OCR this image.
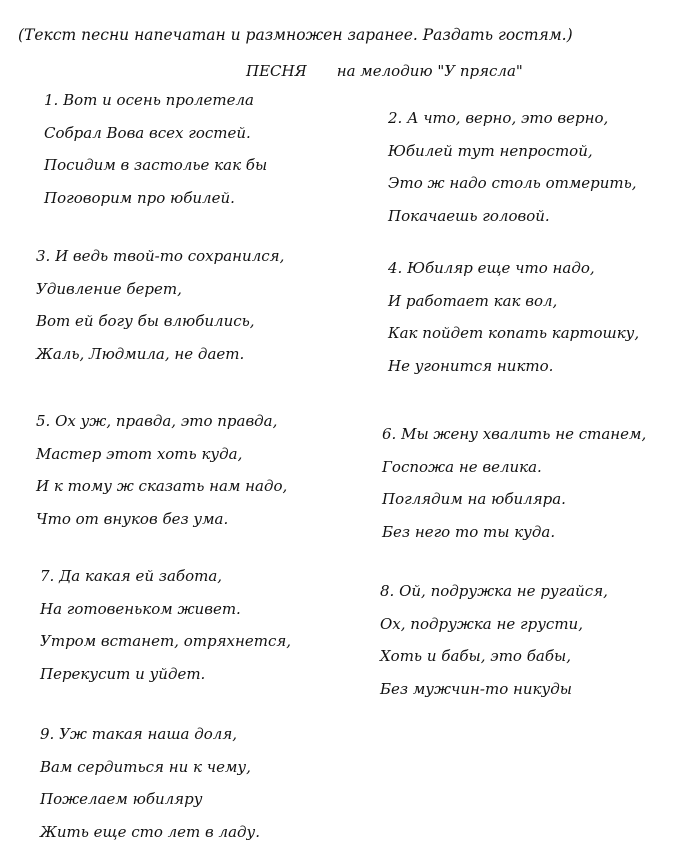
(Текст песни напечатан и размножен заранее. Раздать гостям.)
ПЕСНЯ на мелодию "У прясла"
1. Вот и осень пролетела
Собрал Вова всех гостей.
Посидим в застолье как бы
Поговорим про юбилей.
2. А что, верно, это верно,
Юбилей тут непростой,
Это ж надо столь отмерить,
Покачаешь головой.
3. И ведь твой-то сохранился,
Удивление берет,
Вот ей богу бы влюбились,
Жаль, Людмила, не дает.
4. Юбиляр еще что надо,
И работает как вол,
Как пойдет копать картошку,
Не угонится никто.
5. Ох уж, правда, это правда,
Мастер этот хоть куда,
И к тому ж сказать нам надо,
Что от внуков без ума.
6. Мы жену хвалить не станем,
Госпожа не велика.
Поглядим на юбиляра.
Без него то ты куда.
7. Да какая ей забота,
На готовеньком живет.
Утром встанет, отряхнется,
Перекусит и уйдет.
8. Ой, подружка не ругайся,
Ох, подружка не грусти,
Хоть и бабы, это бабы,
Без мужчин-то никуды
9. Уж такая наша доля,
Вам сердиться ни к чему,
Пожелаем юбиляру
Жить еще сто лет в ладу.
